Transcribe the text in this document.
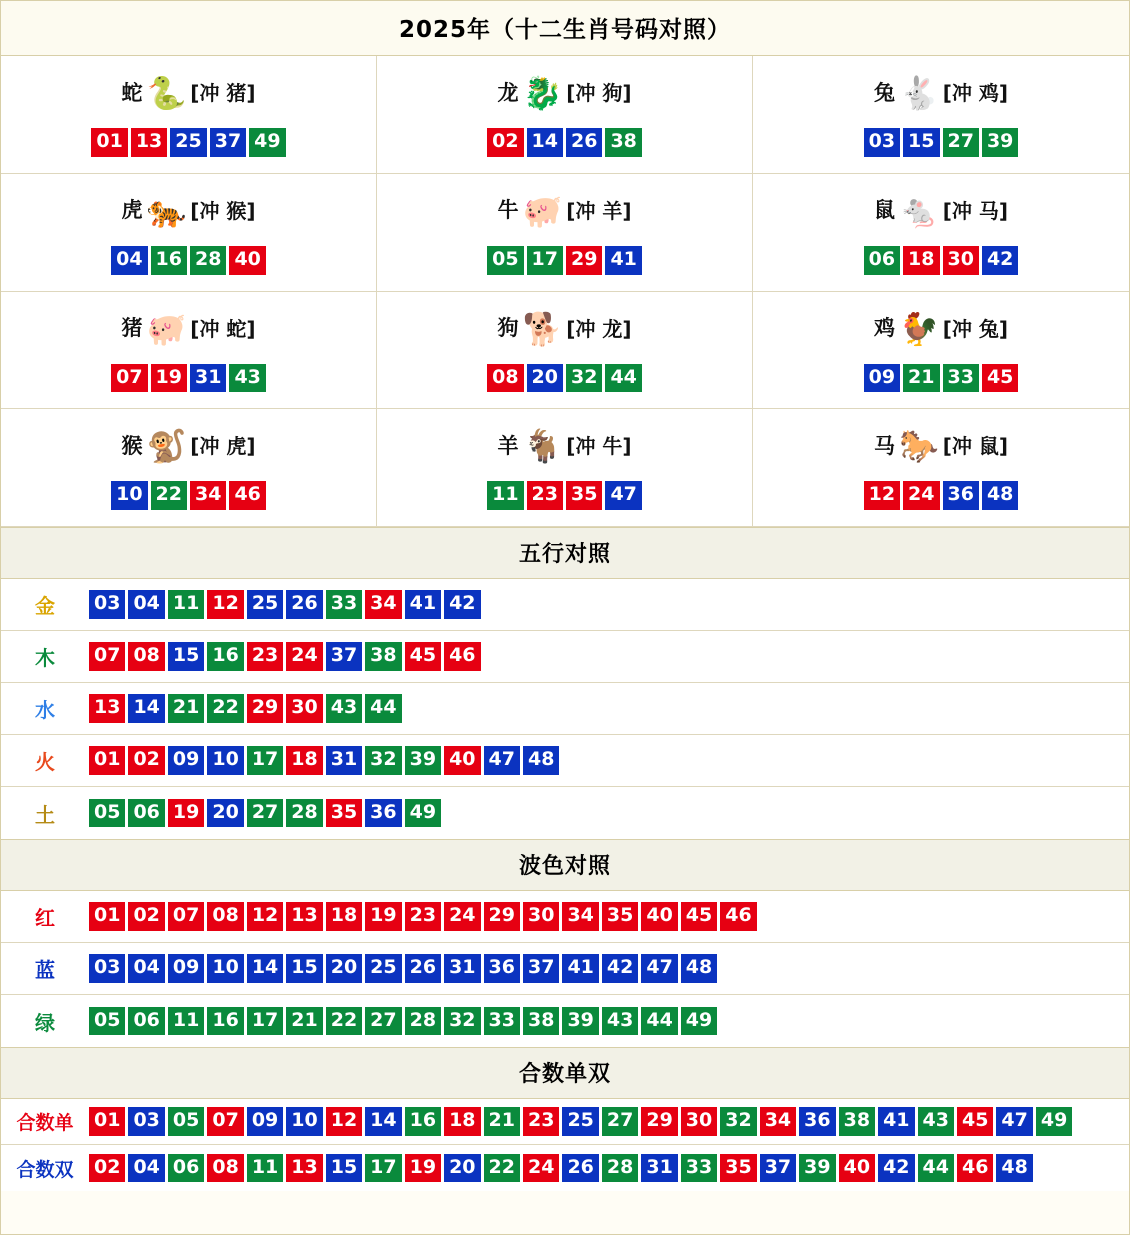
2025年（十二生肖号码对照）
蛇 🐍 [冲 猪]
01 13 25 37 49
龙 🐉 [冲 狗]
02 14 26 38
兔 🐇 [冲 鸡]
03 15 27 39
虎 🐅 [冲 猴]
04 16 28 40
牛 🐖 [冲 羊]
05 17 29 41
鼠 🐁 [冲 马]
06 18 30 42
猪 🐖 [冲 蛇]
07 19 31 43
狗 🐕 [冲 龙]
08 20 32 44
鸡 🐓 [冲 兔]
09 21 33 45
猴 🐒 [冲 虎]
10 22 34 46
羊 🐐 [冲 牛]
11 23 35 47
马 🐎 [冲 鼠]
12 24 36 48
五行对照
金	03 04 11 12 25 26 33 34 41 42
木	07 08 15 16 23 24 37 38 45 46
水	13 14 21 22 29 30 43 44
火	01 02 09 10 17 18 31 32 39 40 47 48
土	05 06 19 20 27 28 35 36 49
波色对照
红	01 02 07 08 12 13 18 19 23 24 29 30 34 35 40 45 46
蓝	03 04 09 10 14 15 20 25 26 31 36 37 41 42 47 48
绿	05 06 11 16 17 21 22 27 28 32 33 38 39 43 44 49
合数单双
合数单	01 03 05 07 09 10 12 14 16 18 21 23 25 27 29 30 32 34 36 38 41 43 45 47 49
合数双	02 04 06 08 11 13 15 17 19 20 22 24 26 28 31 33 35 37 39 40 42 44 46 48
